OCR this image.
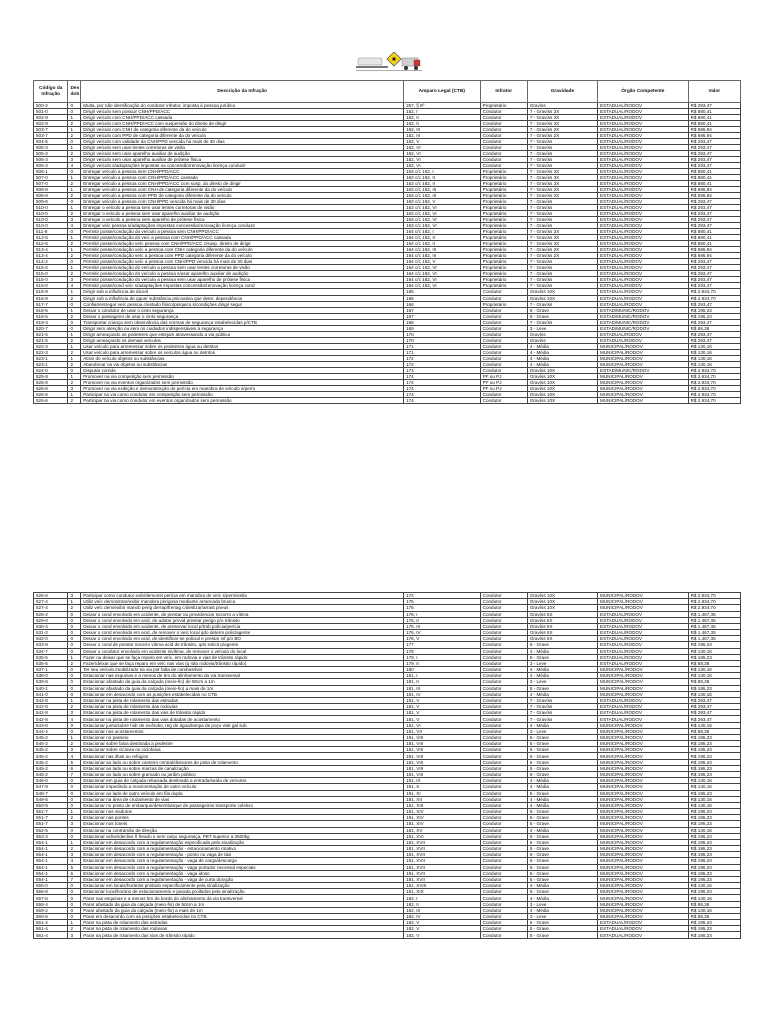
Código da Infração	Des dob	Descrição da Infração	Amparo Legal (CTB)	Infrator	Gravidade	Órgão Competente	Valor
500-2	0	Multa, por não identificação do condutor infrator, imposta à pessoa jurídica	257, § 8º	Proprietário	Gravíss	ESTADUAL/RODOV	R$ 293,47
501-0	0	Dirigir veículo sem possuir CNH/PPD/ACC	162, I	Condutor	7 - Gravíss 3X	ESTADUAL/RODOV	R$ 880,41
502-9	1	Dirigir veículo com CNH/PPD/ACC cassada	162, II	Condutor	7 - Gravíss 3X	ESTADUAL/RODOV	R$ 880,41
502-9	2	Dirigir veículo com CNH/PPD/ACC com suspensão do direito de dirigir	162, II	Condutor	7 - Gravíss 3X	ESTADUAL/RODOV	R$ 880,41
503-7	1	Dirigir veículo com CNH de categoria diferente da do veículo	162, III	Condutor	7 - Gravíss 2X	ESTADUAL/RODOV	R$ 586,94
503-7	2	Dirigir veículo com PPD de categoria diferente da do veículo	162, III	Condutor	7 - Gravíss 2X	ESTADUAL/RODOV	R$ 586,94
504-5	0	Dirigir veículo com validade da CNH/PPD vencida há mais de 30 dias	162, V	Condutor	7 - Gravíss	ESTADUAL/RODOV	R$ 293,47
505-3	1	Dirigir veículo sem usar lentes corretoras de visão	162, VI	Condutor	7 - Gravíss	ESTADUAL/RODOV	R$ 293,47
505-3	2	Dirigir veículo sem usar aparelho auxiliar de audição	162, VI	Condutor	7 - Gravíss	ESTADUAL/RODOV	R$ 293,47
505-3	3	Dirigir veículo sem usar aparelho auxiliar de prótese física	162, VI	Condutor	7 - Gravíss	ESTADUAL/RODOV	R$ 293,47
505-3	4	Dirigir veículo s/adaptações impostas na concessão/renovação licença conduzir	162, VI	Condutor	7 - Gravíss	ESTADUAL/RODOV	R$ 293,47
506-1	0	Entregar veículo a pessoa sem CNH/PPD/ACC	163 c/c 162, I	Proprietário	7 - Gravíss 3X	ESTADUAL/RODOV	R$ 880,41
507-0	1	Entregar veículo a pessoa com CNH/PPD/ACC cassada	163 c/c 162, II	Proprietário	7 - Gravíss 3X	ESTADUAL/RODOV	R$ 880,41
507-0	2	Entregar veículo a pessoa com CNH/PPD/ACC com susp. do direito de dirigir	163 c/c 162, II	Proprietário	7 - Gravíss 3X	ESTADUAL/RODOV	R$ 880,41
508-8	1	Entregar veículo a pessoa com CNH de categoria diferente da do veículo	163 c/c 162, III	Proprietário	7 - Gravíss 2X	ESTADUAL/RODOV	R$ 586,94
508-8	2	Entregar veículo a pessoa com PPD de categoria diferente da do veículo	163 c/c 162, III	Proprietário	7 - Gravíss 2X	ESTADUAL/RODOV	R$ 586,94
509-6	0	Entregar veículo a pessoa com CNH/PPD vencida há mais de 30 dias	163 c/c 162, V	Proprietário	7 - Gravíss	ESTADUAL/RODOV	R$ 293,47
510-0	1	Entregar o veículo a pessoa sem usar lentes corretoras de visão	163 c/c 162, VI	Proprietário	7 - Gravíss	ESTADUAL/RODOV	R$ 293,47
510-0	2	Entregar o veículo a pessoa sem usar aparelho auxiliar de audição	163 c/c 162, VI	Proprietário	7 - Gravíss	ESTADUAL/RODOV	R$ 293,47
510-0	3	Entregar o veículo a pessoa sem aparelho de prótese física	163 c/c 162, VI	Proprietário	7 - Gravíss	ESTADUAL/RODOV	R$ 293,47
510-0	4	Entregar veíc pessoa s/adaptações impostas concessão/renovação licença conduzir	163 c/c 162, VI	Proprietário	7 - Gravíss	ESTADUAL/RODOV	R$ 293,47
511-8	0	Permitir posse/condução do veículo a pessoa sem CNH/PPD/ACC	164 c/c 162, I	Proprietário	7 - Gravíss 3X	ESTADUAL/RODOV	R$ 880,41
512-6	1	Permitir posse/condução do veíc a pessoa com CNH/PPD/ACC cassada	164 c/c 162, II	Proprietário	7 - Gravíss 3X	ESTADUAL/RODOV	R$ 880,41
512-6	2	Permitir posse/condução veíc pessoa com CNH/PPD/ACC c/susp. direito de dirigir	164 c/c 162, II	Proprietário	7 - Gravíss 3X	ESTADUAL/RODOV	R$ 880,41
513-4	1	Permitir posse/condução veíc a pessoa com CNH categoria diferente da do veículo	164 c/c 162, III	Proprietário	7 - Gravíss 2X	ESTADUAL/RODOV	R$ 586,94
513-4	2	Permitir posse/condução veíc a pessoa com PPD categoria diferente da do veículo	164 c/c 162, III	Proprietário	7 - Gravíss 2X	ESTADUAL/RODOV	R$ 586,94
514-2	0	Permitir posse/condução veíc a pessoa com CNH/PPD vencida há mais de 30 dias	164 c/c 162, V	Proprietário	7 - Gravíss	ESTADUAL/RODOV	R$ 293,47
515-0	1	Permitir posse/condução do veículo a pessoa sem usar lentes corretoras de visão	164 c/c 162, VI	Proprietário	7 - Gravíss	ESTADUAL/RODOV	R$ 293,47
515-0	2	Permitir posse/condução do veículo a pessoa s/usar aparelho auxiliar de audição	164 c/c 162, VI	Proprietário	7 - Gravíss	ESTADUAL/RODOV	R$ 293,47
515-0	3	Permitir posse/condução do veículo a pessoa sem usar aparelho de prótese física	164 c/c 162, VI	Proprietário	7 - Gravíss	ESTADUAL/RODOV	R$ 293,47
515-0	4	Permitir posse/cond veíc s/adaptações impostas concessão/renovação licença cond	164 c/c 162, VI	Proprietário	7 - Gravíss	ESTADUAL/RODOV	R$ 293,47
516-9	1	Dirigir sob a influência de álcool	165	Condutor	Gravíss 10X	ESTADUAL/RODOV	R$ 2.934,70
516-9	2	Dirigir sob a influência de qquer substância psicoativa que deter. dependência	165	Condutor	Gravíss 10X	ESTADUAL/RODOV	R$ 2.934,70
517-7	0	Confiar/entregar veíc pessoa c/estado físico/psíquico s/condições dirigir segur	166	Proprietário	7 - Gravíss	ESTADUAL/RODOV	R$ 293,47
518-5	1	Deixar o condutor de usar o cinto segurança	167	Condutor	5 - Grave	ESTAD/MUNIC/RODOV	R$ 195,23
518-5	2	Deixar o passageiro de usar o cinto segurança	167	Condutor	5 - Grave	ESTAD/MUNIC/RODOV	R$ 195,23
519-3	0	Transportar criança sem observância das normas de segurança estabelecidas p/CTB	168	Condutor	7 - Gravíss	ESTAD/MUNIC/RODOV	R$ 293,47
520-7	0	Dirigir sem atenção ou sem os cuidados indispensáveis à segurança	169	Condutor	3 - Leve	ESTAD/MUNIC/RODOV	R$ 88,38
521-5	1	Dirigir ameaçando os pedestres que estejam atravessando a via pública	170	Condutor	Gravíss	ESTADUAL/RODOV	R$ 293,47
521-5	2	Dirigir ameaçando os demais veículos	170	Condutor	Gravíss	ESTADUAL/RODOV	R$ 293,47
522-3	1	Usar veículo para arremessar sobre os pedestres água ou detritos	171	Condutor	4 - Média	MUNICIPAL/RODOV	R$ 130,16
522-3	2	Usar veículo para arremessar sobre os veículos água ou detritos	171	Condutor	4 - Média	MUNICIPAL/RODOV	R$ 130,16
523-1	1	Atirar do veículo objetos ou substâncias	172	Condutor	4 - Média	MUNICIPAL/RODOV	R$ 130,16
523-1	2	Abandonar na via objetos ou substâncias	172	Condutor	4 - Média	MUNICIPAL/RODOV	R$ 130,16
524-0	0	Disputar corrida	173	Condutor	Gravíss 10X	ESTAD/MUNIC/RODOV	R$ 2.934,70
525-8	1	Promover na via competição sem permissão	174	PF ou PJ	Gravíss 10X	MUNICIPAL/RODOV	R$ 2.934,70
525-8	2	Promover na via eventos organizados sem permissão	174	PF ou PJ	Gravíss 10X	MUNICIPAL/RODOV	R$ 2.934,70
525-8	3	Promover na via exibição e demonstração de perícia em manobra de veículo s/perm	174	PF ou PJ	Gravíss 10X	MUNICIPAL/RODOV	R$ 2.934,70
526-6	1	Participar na via como condutor em competição sem permissão	174	Condutor	Gravíss 10X	MUNICIPAL/RODOV	R$ 2.934,70
526-6	2	Participar na via como condutor em eventos organizados sem permissão	174	Condutor	Gravíss 10X	MUNICIPAL/RODOV	R$ 2.934,70
526-6	3	Participar como condutor exib/demonst perícia em manobra de veíc s/permissão	174	Condutor	Gravíss 10X	MUNICIPAL/RODOV	R$ 2.934,70
527-4	1	Utiliz veíc demonstrar/exibir manobra perigosa mediante arrancada brusca	175	Condutor	Gravíss 10X	MUNICIPAL/RODOV	R$ 2.934,70
527-4	2	Utiliz veíc dem/exibir manob perig derrap/frenag c/deslizar/arrast pneus	175	Condutor	Gravíss 10X	MUNICIPAL/RODOV	R$ 2.934,70
528-2	0	Deixar o cond envolvido em acidente, de prestar ou providenciar socorro a vítima	176, I	Condutor	Gravíss 5X	ESTADUAL/RODOV	R$ 1.467,35
529-0	0	Deixar o cond envolvido em acid, de adotar provid p/evitar perigo p/o trânsito	176, II	Condutor	Gravíss 5X	ESTADUAL/RODOV	R$ 1.467,35
530-4	0	Deixar o cond envolvido em acidente, de preservar local p/trab polícia/perícia	176, III	Condutor	Gravíss 5X	ESTADUAL/RODOV	R$ 1.467,35
531-2	0	Deixar o cond envolvido em acid, de remover o veíc local qdo determ polic/agente	176, IV	Condutor	Gravíss 5X	ESTADUAL/RODOV	R$ 1.467,35
532-0	0	Deixar o cond envolvido em acid, de identificar-se policial e prestar inf p/o BO	176, V	Condutor	Gravíss 5X	ESTADUAL/RODOV	R$ 1.467,35
533-9	0	Deixar o cond de prestar socorro vítima acid de trânsito, qdo solicit p/agente	177	Condutor	5 - Grave	ESTADUAL/RODOV	R$ 195,23
534-7	0	Deixar o condutor envolvido em acidente s/vítima, de remover o veículo do local	178	Condutor	4 - Média	ESTADUAL/RODOV	R$ 130,16
535-5	1	Fazer ou deixar que se faça reparo em veíc, em rodovia e vias de trânsito rápido	179, I	Condutor	5 - Grave	ESTADUAL/RODOV	R$ 195,23
535-5	2	Fazer/deixar que se faça reparo em veíc nas vias (q não rodovia/trânsito rápido)	179, II	Condutor	3 - Leve	ESTADUAL/RODOV	R$ 88,38
537-1	0	Ter seu veículo imobilizado na via por falta de combustível	180	Condutor	4 - Média	MUNICIPAL/RODOV	R$ 130,16
538-0	0	Estacionar nas esquinas e a menos de 5m do alinhamento da via transversal	181, I	Condutor	4 - Média	MUNICIPAL/RODOV	R$ 130,16
539-8	0	Estacionar afastado da guia da calçada (meio-fio) de 50cm a 1m	181, II	Condutor	3 - Leve	MUNICIPAL/RODOV	R$ 88,38
540-1	0	Estacionar afastado da guia da calçada (meio-fio) a mais de 1m	181, III	Condutor	5 - Grave	MUNICIPAL/RODOV	R$ 195,23
541-0	0	Estacionar em desacordo com as posições estabelecidas no CTB	181, IV	Condutor	4 - Média	MUNICIPAL/RODOV	R$ 130,16
542-8	1	Estacionar na pista de rolamento das estradas	181, V	Condutor	7 - Gravíss	ESTADUAL/RODOV	R$ 293,47
542-8	2	Estacionar na pista de rolamento das rodovias	181, V	Condutor	7 - Gravíss	ESTADUAL/RODOV	R$ 293,47
542-8	3	Estacionar na pista de rolamento das vias de trânsito rápido	181, V	Condutor	7 - Gravíss	ESTADUAL/RODOV	R$ 293,47
542-8	4	Estacionar na pista de rolamento das vias dotadas de acostamento	181, V	Condutor	7 - Gravíss	ESTADUAL/RODOV	R$ 293,47
543-6	0	Estacionar junto/sobre hidr de incêndio, reg de água/tampa de poço visit gal sub	181, VI	Condutor	4 - Média	MUNICIPAL/RODOV	R$ 130,16
544-4	0	Estacionar nos acostamentos	181, VII	Condutor	3 - Leve	MUNICIPAL/RODOV	R$ 88,38
545-2	1	Estacionar no passeio	181, VIII	Condutor	5 - Grave	MUNICIPAL/RODOV	R$ 195,23
545-2	2	Estacionar sobre faixa destinada a pedestre	181, VIII	Condutor	5 - Grave	MUNICIPAL/RODOV	R$ 195,23
545-2	3	Estacionar sobre ciclovia ou ciclofaixa	181, VIII	Condutor	5 - Grave	MUNICIPAL/RODOV	R$ 195,23
545-2	4	Estacionar nas ilhas ou refúgios	181, VIII	Condutor	5 - Grave	MUNICIPAL/RODOV	R$ 195,23
545-2	5	Estacionar ao lado ou sobre canteiro central/divisores de pista de rolamento	181, VIII	Condutor	5 - Grave	MUNICIPAL/RODOV	R$ 195,23
545-2	6	Estacionar ao lado ou sobre marcas de canalização	181, VIII	Condutor	5 - Grave	MUNICIPAL/RODOV	R$ 195,23
545-2	7	Estacionar ao lado ou sobre gramado ou jardim público	181, VIII	Condutor	5 - Grave	MUNICIPAL/RODOV	R$ 195,23
546-0	0	Estacionar em guia de calçada rebaixada destinada a entrada/saída de veículos	181, IX	Condutor	4 - Média	MUNICIPAL/RODOV	R$ 130,16
547-9	0	Estacionar impedindo a movimentação de outro veículo	181, X	Condutor	4 - Média	MUNICIPAL/RODOV	R$ 130,16
548-7	0	Estacionar ao lado de outro veículo em fila dupla	181, XI	Condutor	5 - Grave	MUNICIPAL/RODOV	R$ 195,23
549-5	0	Estacionar na área de cruzamento de vias	181, XII	Condutor	4 - Média	MUNICIPAL/RODOV	R$ 130,16
550-9	0	Estacionar no ponto de embarque/desembarque de passageiros transporte coletivo	181, XIII	Condutor	4 - Média	MUNICIPAL/RODOV	R$ 130,16
551-7	1	Estacionar nos viadutos	181, XIV	Condutor	5 - Grave	MUNICIPAL/RODOV	R$ 195,23
551-7	2	Estacionar nas pontes	181, XIV	Condutor	5 - Grave	MUNICIPAL/RODOV	R$ 195,23
551-7	3	Estacionar nos túneis	181, XIV	Condutor	5 - Grave	MUNICIPAL/RODOV	R$ 195,23
552-5	0	Estacionar na contramão de direção	181, XV	Condutor	4 - Média	MUNICIPAL/RODOV	R$ 130,16
553-3	0	Estacionar aclive/declive ñ freado e sem calço segurança, PBT superior a 3500kg	181, XVI	Condutor	5 - Grave	MUNICIPAL/RODOV	R$ 195,23
554-1	1	Estacionar em desacordo com a regulamentação especificada pela sinalização	181, XVII	Condutor	5 - Grave	MUNICIPAL/RODOV	R$ 195,23
554-1	2	Estacionar em desacordo com a regulamentação - estacionamento rotativo	181, XVII	Condutor	5 - Grave	MUNICIPAL/RODOV	R$ 195,23
554-1	3	Estacionar em desacordo com a regulamentação - ponto ou vaga de táxi	181, XVII	Condutor	5 - Grave	MUNICIPAL/RODOV	R$ 195,23
554-1	4	Estacionar em desacordo com a regulamentação - vaga de carga/descarga	181, XVII	Condutor	5 - Grave	MUNICIPAL/RODOV	R$ 195,23
554-1	5	Estacionar em desacordo com a regulamentação - vaga portador necessid especiais	181, XVII	Condutor	5 - Grave	MUNICIPAL/RODOV	R$ 195,23
554-1	6	Estacionar em desacordo com a regulamentação - vaga idoso	181, XVII	Condutor	5 - Grave	MUNICIPAL/RODOV	R$ 195,23
554-1	7	Estacionar em desacordo com a regulamentação - vaga de curta duração	181, XVII	Condutor	5 - Grave	MUNICIPAL/RODOV	R$ 195,23
555-0	0	Estacionar em locais/horários proibido especificamente pela sinalização	181, XVIII	Condutor	4 - Média	MUNICIPAL/RODOV	R$ 130,16
556-8	0	Estacionar local/horário de estacionamento e parada proibidos pela sinalização	181, XIX	Condutor	5 - Grave	MUNICIPAL/RODOV	R$ 195,23
557-6	0	Parar nas esquinas e a menos 5m do bordo do alinhamento da via transversal	182, I	Condutor	4 - Média	MUNICIPAL/RODOV	R$ 130,16
558-4	0	Parar afastado da guia da calçada (meio-fio) de 50cm a 1m	182, II	Condutor	3 - Leve	MUNICIPAL/RODOV	R$ 88,38
559-2	0	Parar afastado da guia da calçada (meio-fio) a mais de 1m	182, III	Condutor	4 - Média	MUNICIPAL/RODOV	R$ 130,16
560-6	0	Parar em desacordo com as posições estabelecidas no CTB	182, IV	Condutor	3 - Leve	MUNICIPAL/RODOV	R$ 88,38
561-4	1	Parar na pista de rolamento das estradas	182, V	Condutor	5 - Grave	ESTADUAL/RODOV	R$ 195,23
561-4	2	Parar na pista de rolamento das rodovias	182, V	Condutor	5 - Grave	ESTADUAL/RODOV	R$ 195,23
561-4	3	Parar na pista de rolamento das vias de trânsito rápido	182, V	Condutor	5 - Grave	ESTADUAL/RODOV	R$ 195,23
